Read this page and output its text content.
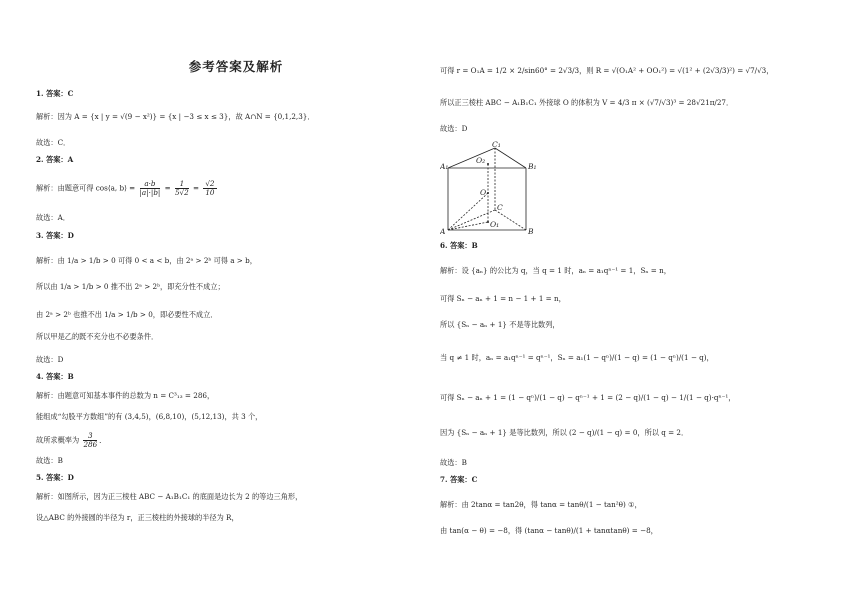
参考答案及解析
1. 答案：C
解析：因为 A = {x | y = √(9 − x²)} = {x | −3 ≤ x ≤ 3}，故 A∩N = {0,1,2,3}．
故选：C．
2. 答案：A
解析：由题意可得 cos⟨a, b⟩ = $\frac{a\cdot b}{|a|\cdot|b|} = \frac{1}{5√2} = \frac{√2}{10}$
故选：A．
3. 答案：D
解析：由 1/a > 1/b > 0 可得 0 < a < b，由 2ᵃ > 2ᵇ 可得 a > b，
所以由 1/a > 1/b > 0 推不出 2ᵃ > 2ᵇ，即充分性不成立；
由 2ᵃ > 2ᵇ 也推不出 1/a > 1/b > 0，即必要性不成立．
所以甲是乙的既不充分也不必要条件．
故选：D
4. 答案：B
解析：由题意可知基本事件的总数为 n = C³₁₃ = 286，
能组成“勾股平方数组”的有 (3,4,5)，(6,8,10)，(5,12,13)，共 3 个，
故所求概率为 $\frac{3}{286}$ ．
故选：B
5. 答案：D
解析：如图所示，因为正三棱柱 ABC − A₁B₁C₁ 的底面是边长为 2 的等边三角形，
设△ABC 的外接圆的半径为 r，正三棱柱的外接球的半径为 R，
可得 r = O₁A = 1/2 × 2/sin60° = 2√3/3，则 R = √(O₁A² + OO₁²) = √(1² + (2√3/3)²) = √7/√3，
所以正三棱柱 ABC − A₁B₁C₁ 外接球 O 的体积为 V = 4/3 π × (√7/√3)³ = 28√21π/27．
故选：D
C₁
O₂
A₁	B₁
O
C
O₁
A	B
6. 答案：B
解析：设 {aₙ} 的公比为 q，当 q = 1 时，aₙ = a₁qⁿ⁻¹ = 1，Sₙ = n，
可得 Sₙ − aₙ + 1 = n − 1 + 1 = n，
所以 {Sₙ − aₙ + 1} 不是等比数列，
当 q ≠ 1 时，aₙ = a₁qⁿ⁻¹ = qⁿ⁻¹，Sₙ = a₁(1 − qⁿ)/(1 − q) = (1 − qⁿ)/(1 − q)，
可得 Sₙ − aₙ + 1 = (1 − qⁿ)/(1 − q) − qⁿ⁻¹ + 1 = (2 − q)/(1 − q) − 1/(1 − q)·qⁿ⁻¹，
因为 {Sₙ − aₙ + 1} 是等比数列，所以 (2 − q)/(1 − q) = 0，所以 q = 2．
故选：B
7. 答案：C
解析：由 2tanα = tan2θ，得 tanα = tanθ/(1 − tan²θ) ①，
由 tan(α − θ) = −8，得 (tanα − tanθ)/(1 + tanαtanθ) = −8，
